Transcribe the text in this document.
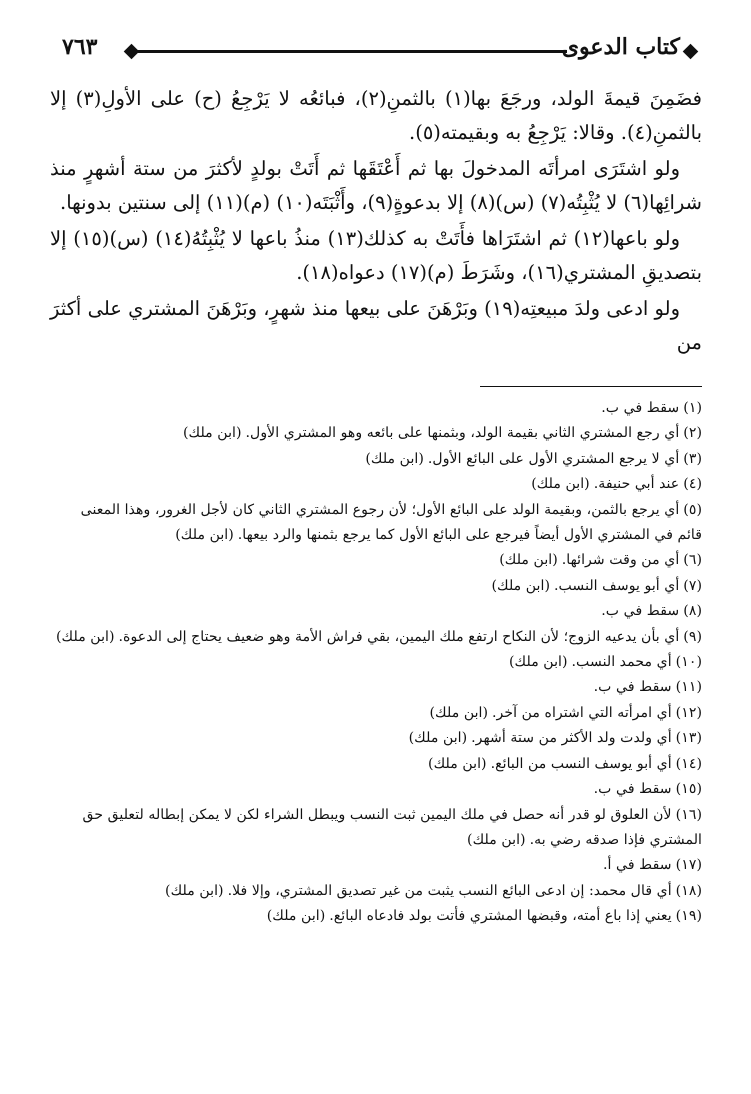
٧٦٣	كتاب الدعوى

فضَمِنَ قيمةَ الولد، ورجَعَ بها(١) بالثمنِ(٢)، فبائعُه لا يَرْجِعُ (ح) على الأولِ(٣) إلا بالثمنِ(٤). وقالا: يَرْجِعُ به وبقيمته(٥).

ولو اشتَرَى امرأتَه المدخولَ بها ثم أَعْتَقَها ثم أَتَتْ بولدٍ لأكثرَ من ستة أشهرٍ منذ شرائِها(٦) لا يُثْبِتُه(٧) (س)(٨) إلا بدعوةٍ(٩)، وأَثْبَتَه(١٠) (م)(١١) إلى سنتين بدونها.

ولو باعها(١٢) ثم اشتَرَاها فأَتَتْ به كذلك(١٣) منذُ باعها لا يُثْبِتُهُ(١٤) (س)(١٥) إلا بتصديقِ المشتري(١٦)، وشَرَطَ (م)(١٧) دعواه(١٨).

ولو ادعى ولدَ مبيعتِه(١٩) وبَرْهَنَ على بيعها منذ شهرٍ، وبَرْهَنَ المشتري على أكثرَ من

(١)سقط في ب.
(٢)أي رجع المشتري الثاني بقيمة الولد، وبثمنها على بائعه وهو المشتري الأول.(ابن ملك)
(٣)أي لا يرجع المشتري الأول على البائع الأول.(ابن ملك)
(٤)عند أبي حنيفة.(ابن ملك)
(٥)أي يرجع بالثمن، وبقيمة الولد على البائع الأول؛ لأن رجوع المشتري الثاني كان لأجل الغرور، وهذا المعنى قائم في المشتري الأول أيضاً فيرجع على البائع الأول كما يرجع بثمنها والرد بيعها.(ابن ملك)
(٦)أي من وقت شرائها.(ابن ملك)
(٧)أي أبو يوسف النسب.(ابن ملك)
(٨)سقط في ب.
(٩)أي بأن يدعيه الزوج؛ لأن النكاح ارتفع ملك اليمين، بقي فراش الأمة وهو ضعيف يحتاج إلى الدعوة.(ابن ملك)
(١٠)أي محمد النسب.(ابن ملك)
(١١)سقط في ب.
(١٢)أي امرأته التي اشتراه من آخر.(ابن ملك)
(١٣)أي ولدت ولد الأكثر من ستة أشهر.(ابن ملك)
(١٤)أي أبو يوسف النسب من البائع.(ابن ملك)
(١٥)سقط في ب.
(١٦)لأن العلوق لو قدر أنه حصل في ملك اليمين ثبت النسب ويبطل الشراء لكن لا يمكن إبطاله لتعليق حق المشتري فإذا صدقه رضي به.(ابن ملك)
(١٧)سقط في أ.
(١٨)أي قال محمد: إن ادعى البائع النسب يثبت من غير تصديق المشتري، وإلا فلا.(ابن ملك)
(١٩)يعني إذا باع أمته، وقبضها المشتري فأتت بولد فادعاه البائع.(ابن ملك)
